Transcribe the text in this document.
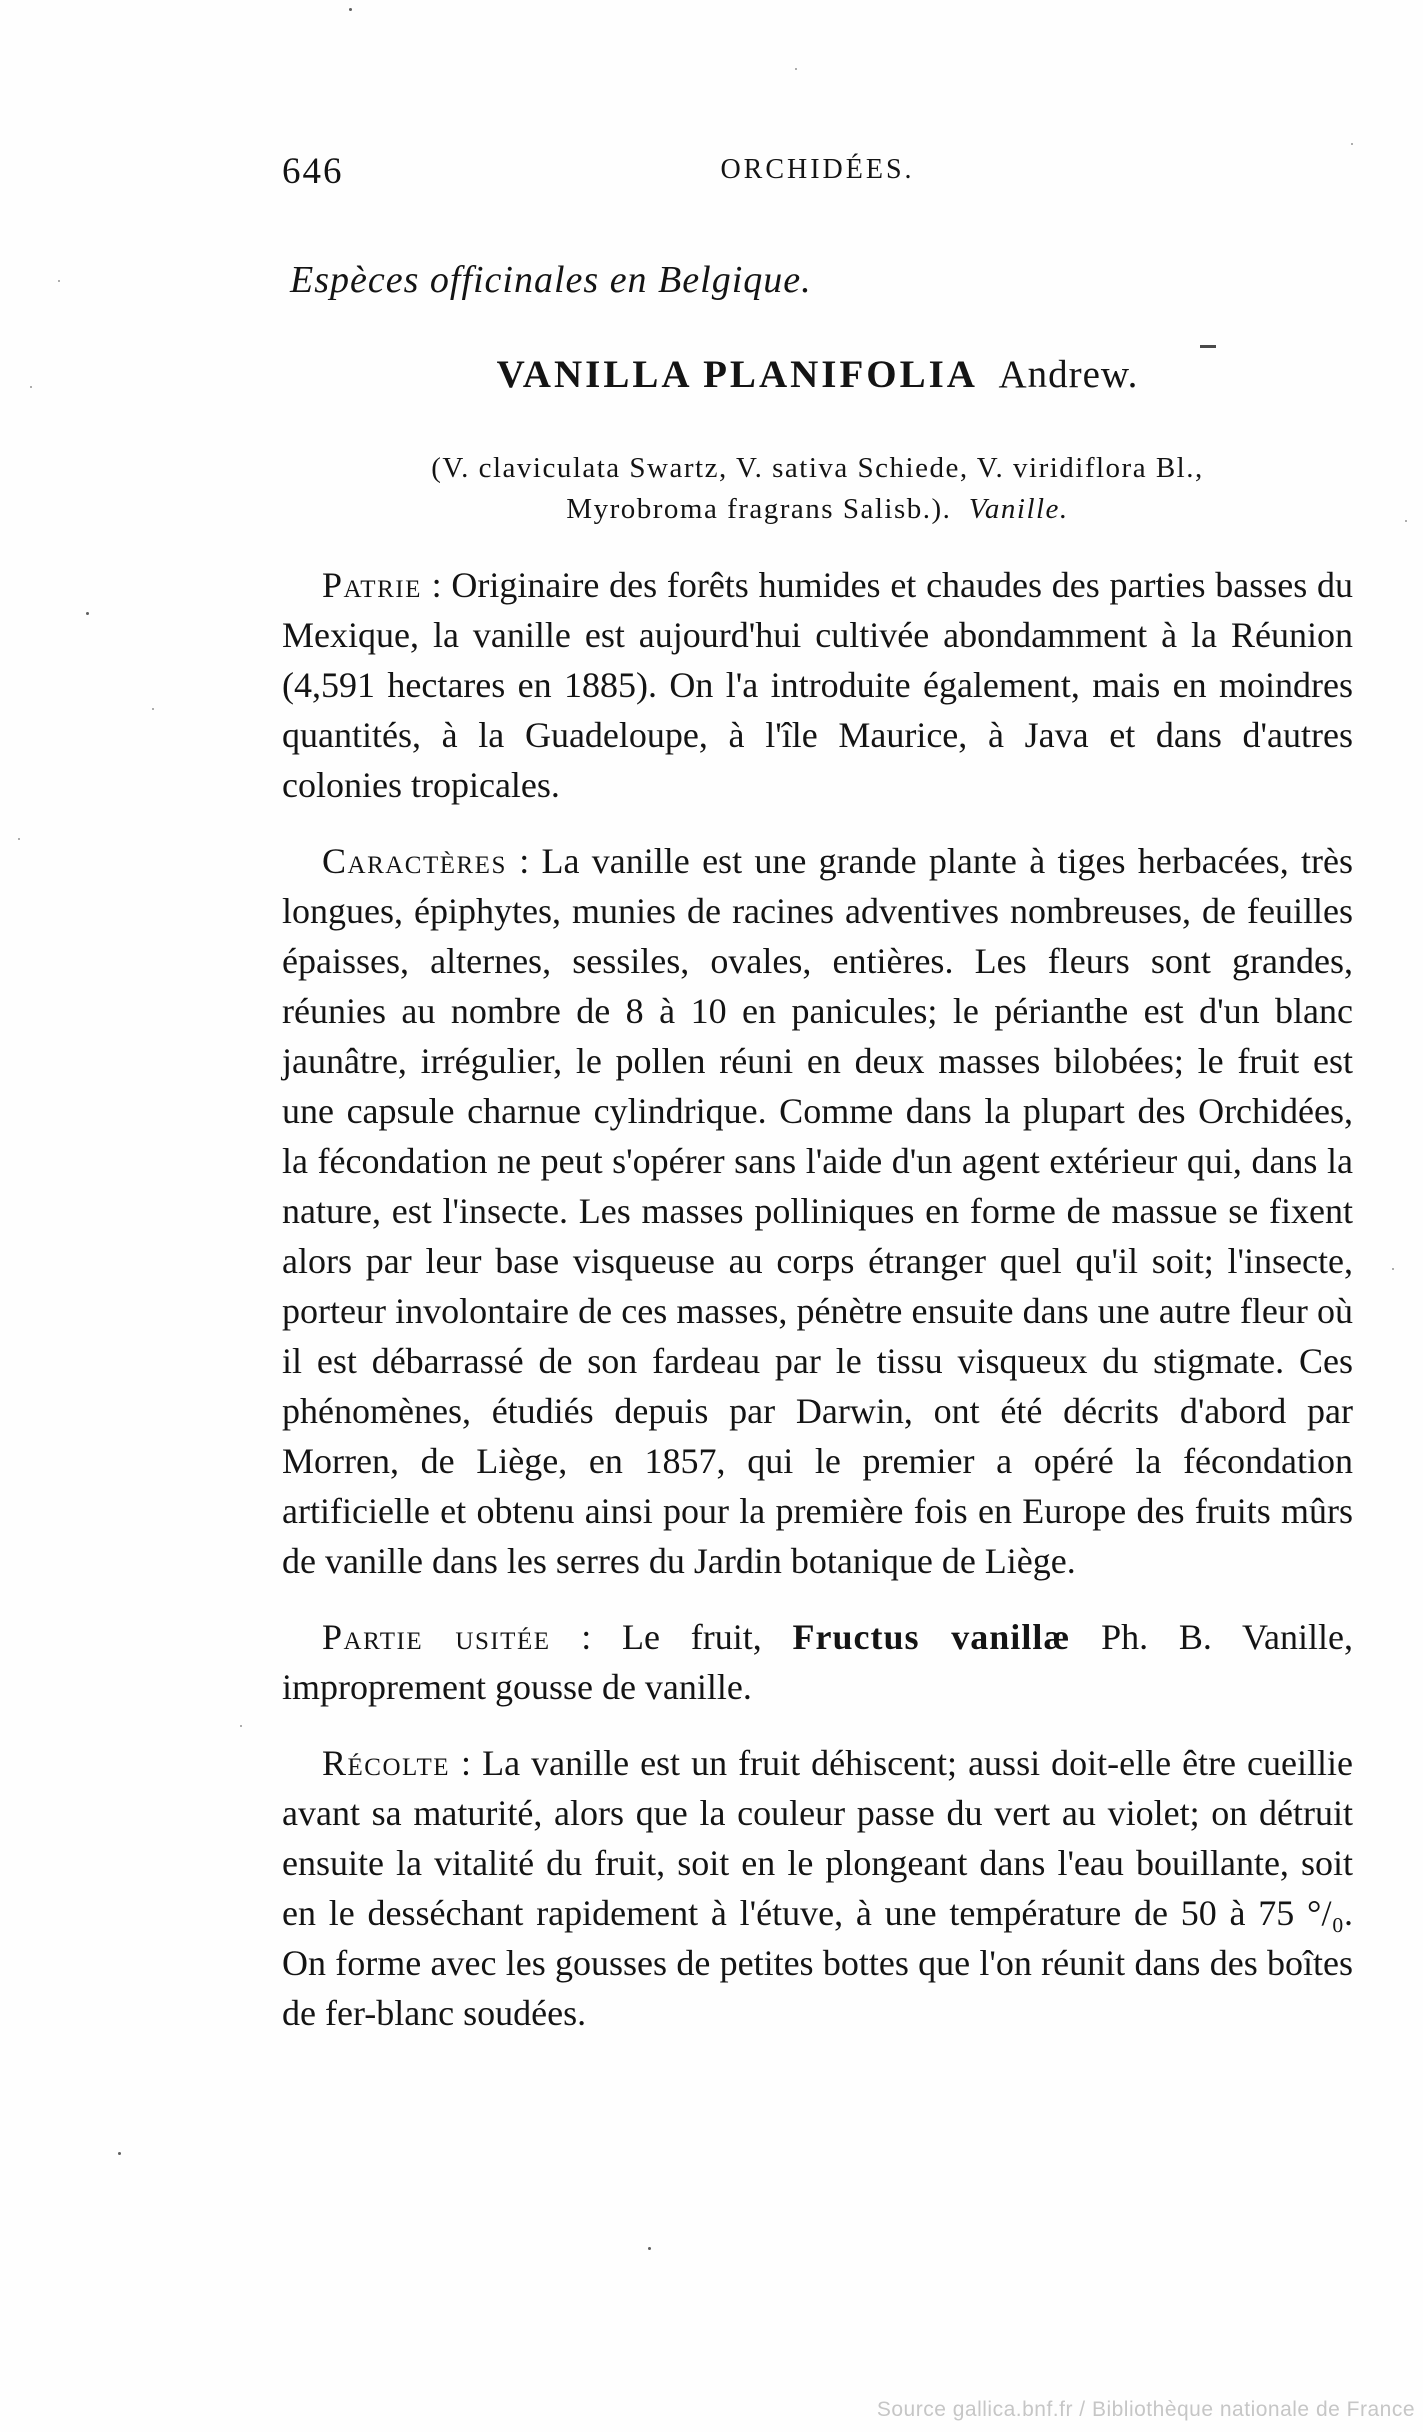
646	ORCHIDÉES.
Espèces officinales en Belgique.
VANILLA PLANIFOLIA Andrew.
(V. claviculata Swartz, V. sativa Schiede, V. viridiflora Bl.,
Myrobroma fragrans Salisb.).  Vanille.

Patrie : Originaire des forêts humides et chaudes des parties basses du Mexique, la vanille est aujourd'hui cultivée abondamment à la Réunion (4,591 hectares en 1885). On l'a introduite également, mais en moindres quantités, à la Guadeloupe, à l'île Maurice, à Java et dans d'autres colonies tropicales.

Caractères : La vanille est une grande plante à tiges herbacées, très longues, épiphytes, munies de racines adventives nombreuses, de feuilles épaisses, alternes, sessiles, ovales, entières. Les fleurs sont grandes, réunies au nombre de 8 à 10 en panicules; le périanthe est d'un blanc jaunâtre, irrégulier, le pollen réuni en deux masses bilobées; le fruit est une capsule charnue cylindrique. Comme dans la plupart des Orchidées, la fécondation ne peut s'opérer sans l'aide d'un agent extérieur qui, dans la nature, est l'insecte. Les masses polliniques en forme de massue se fixent alors par leur base visqueuse au corps étranger quel qu'il soit; l'insecte, porteur involontaire de ces masses, pénètre ensuite dans une autre fleur où il est débarrassé de son fardeau par le tissu visqueux du stigmate. Ces phénomènes, étudiés depuis par Darwin, ont été décrits d'abord par Morren, de Liège, en 1857, qui le premier a opéré la fécondation artificielle et obtenu ainsi pour la première fois en Europe des fruits mûrs de vanille dans les serres du Jardin botanique de Liège.

Partie usitée : Le fruit, Fructus vanillæ Ph. B. Vanille, improprement gousse de vanille.

Récolte : La vanille est un fruit déhiscent; aussi doit-elle être cueillie avant sa maturité, alors que la couleur passe du vert au violet; on détruit ensuite la vitalité du fruit, soit en le plongeant dans l'eau bouillante, soit en le desséchant rapidement à l'étuve, à une température de 50 à 75 °/₀. On forme avec les gousses de petites bottes que l'on réunit dans des boîtes de fer-blanc soudées.

Source gallica.bnf.fr / Bibliothèque nationale de France
